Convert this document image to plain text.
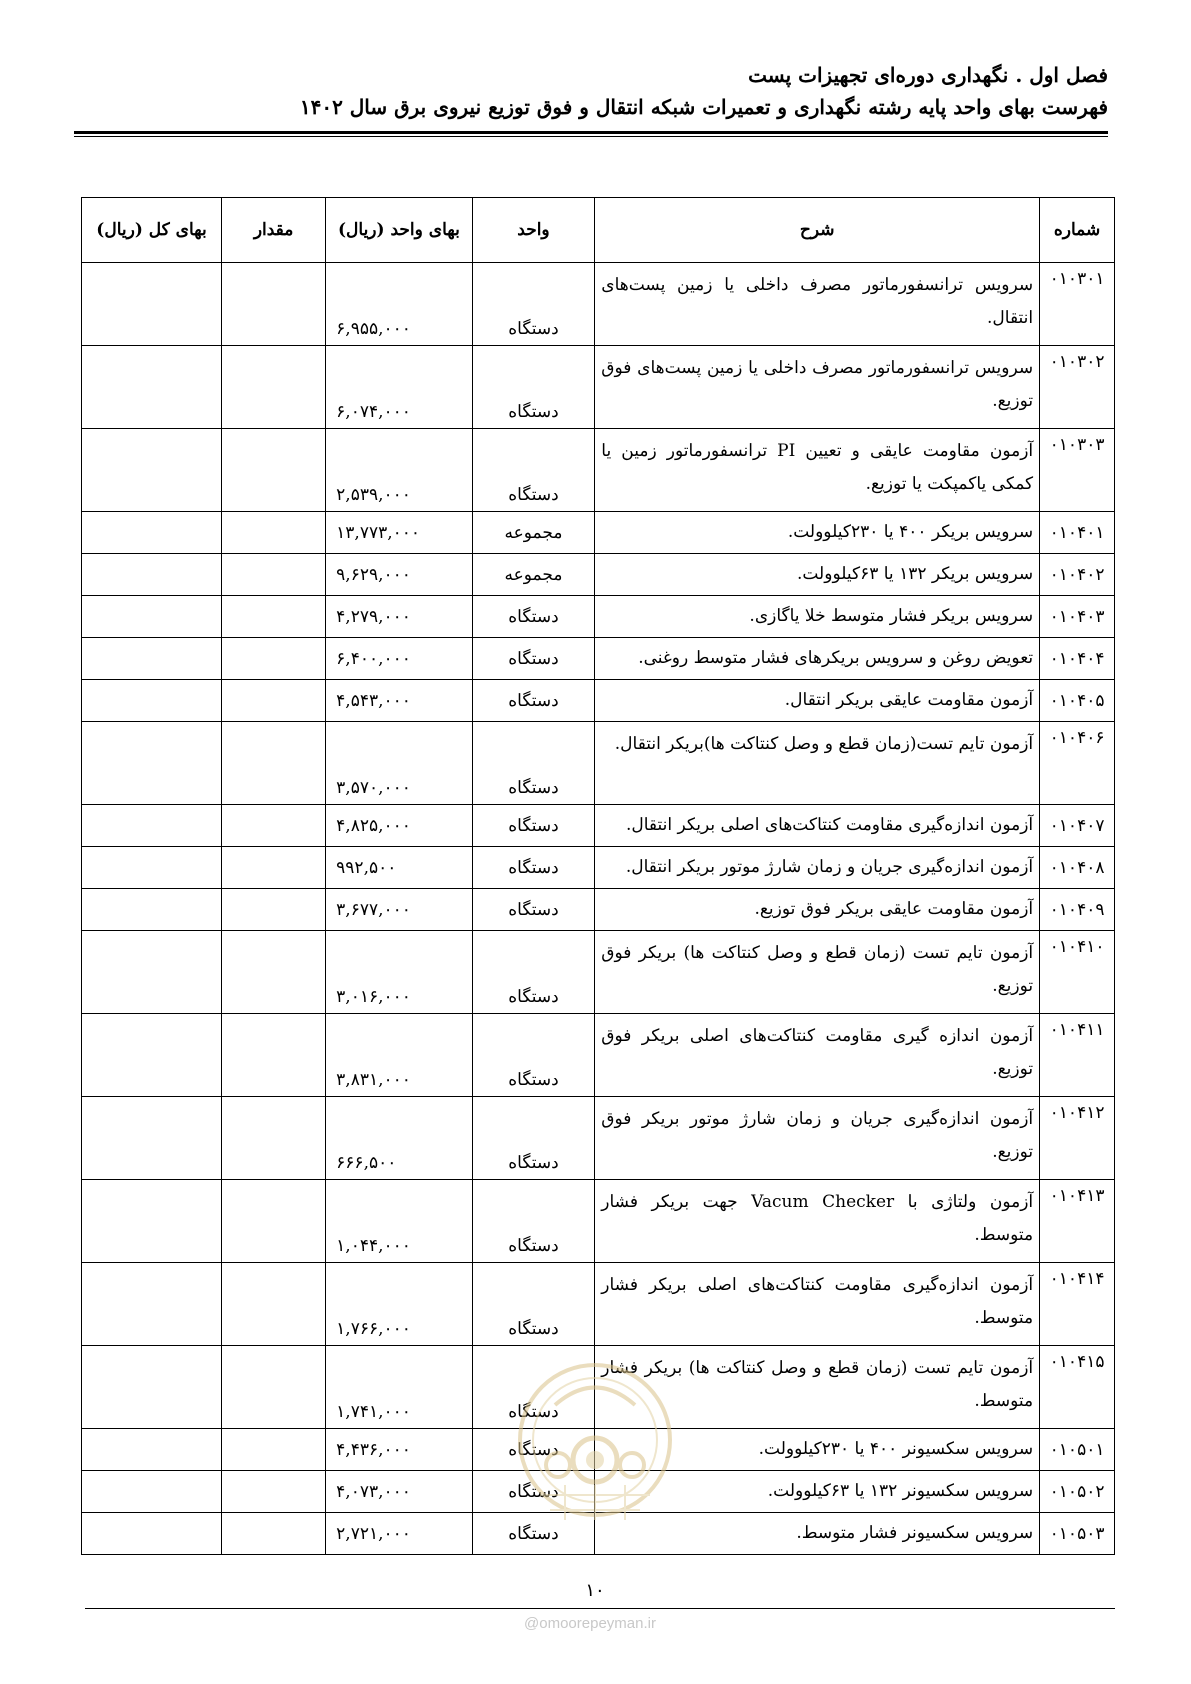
فصل اول . نگهداری دوره‌ای تجهیزات پست
فهرست بهای واحد پایه رشته نگهداری و تعمیرات شبکه انتقال و فوق توزیع نیروی برق سال ۱۴۰۲
شماره	شرح	واحد	بهای واحد (ریال)	مقدار	بهای کل (ریال)
۰۱۰۳۰۱	سرویس ترانسفورماتور مصرف داخلی یا زمین پست‌های انتقال.	دستگاه	۶,۹۵۵,۰۰۰		
۰۱۰۳۰۲	سرویس ترانسفورماتور مصرف داخلی یا زمین پست‌های فوق توزیع.	دستگاه	۶,۰۷۴,۰۰۰		
۰۱۰۳۰۳	آزمون مقاومت عایقی و تعیین PI ترانسفورماتور زمین یا کمکی یاکمپکت یا توزیع.	دستگاه	۲,۵۳۹,۰۰۰		
۰۱۰۴۰۱	سرویس بریکر ۴۰۰ یا ۲۳۰کیلوولت.	مجموعه	۱۳,۷۷۳,۰۰۰		
۰۱۰۴۰۲	سرویس بریکر ۱۳۲ یا ۶۳کیلوولت.	مجموعه	۹,۶۲۹,۰۰۰		
۰۱۰۴۰۳	سرویس بریکر فشار متوسط خلا یاگازی.	دستگاه	۴,۲۷۹,۰۰۰		
۰۱۰۴۰۴	تعویض روغن و سرویس بریکرهای فشار متوسط روغنی.	دستگاه	۶,۴۰۰,۰۰۰		
۰۱۰۴۰۵	آزمون مقاومت عایقی بریکر انتقال.	دستگاه	۴,۵۴۳,۰۰۰		
۰۱۰۴۰۶	آزمون تایم تست(زمان قطع و وصل کنتاکت ها)بریکر انتقال.	دستگاه	۳,۵۷۰,۰۰۰		
۰۱۰۴۰۷	آزمون اندازه‌گیری مقاومت کنتاکت‌های اصلی بریکر انتقال.	دستگاه	۴,۸۲۵,۰۰۰		
۰۱۰۴۰۸	آزمون اندازه‌گیری جریان و زمان شارژ موتور بریکر انتقال.	دستگاه	۹۹۲,۵۰۰		
۰۱۰۴۰۹	آزمون مقاومت عایقی بریکر فوق توزیع.	دستگاه	۳,۶۷۷,۰۰۰		
۰۱۰۴۱۰	آزمون تایم تست (زمان قطع و وصل کنتاکت ها) بریکر فوق توزیع.	دستگاه	۳,۰۱۶,۰۰۰		
۰۱۰۴۱۱	آزمون اندازه گیری مقاومت کنتاکت‌های اصلی بریکر فوق توزیع.	دستگاه	۳,۸۳۱,۰۰۰		
۰۱۰۴۱۲	آزمون اندازه‌گیری جریان و زمان شارژ موتور بریکر فوق توزیع.	دستگاه	۶۶۶,۵۰۰		
۰۱۰۴۱۳	آزمون ولتاژی با Vacum Checker جهت بریکر فشار متوسط.	دستگاه	۱,۰۴۴,۰۰۰		
۰۱۰۴۱۴	آزمون اندازه‌گیری مقاومت کنتاکت‌های اصلی بریکر فشار متوسط.	دستگاه	۱,۷۶۶,۰۰۰		
۰۱۰۴۱۵	آزمون تایم تست (زمان قطع و وصل کنتاکت ها) بریکر فشار متوسط.	دستگاه	۱,۷۴۱,۰۰۰		
۰۱۰۵۰۱	سرویس سکسیونر ۴۰۰ یا ۲۳۰کیلوولت.	دستگاه	۴,۴۳۶,۰۰۰		
۰۱۰۵۰۲	سرویس سکسیونر ۱۳۲ یا ۶۳کیلوولت.	دستگاه	۴,۰۷۳,۰۰۰		
۰۱۰۵۰۳	سرویس سکسیونر فشار متوسط.	دستگاه	۲,۷۲۱,۰۰۰		
۱۰
@omoorepeyman.ir
